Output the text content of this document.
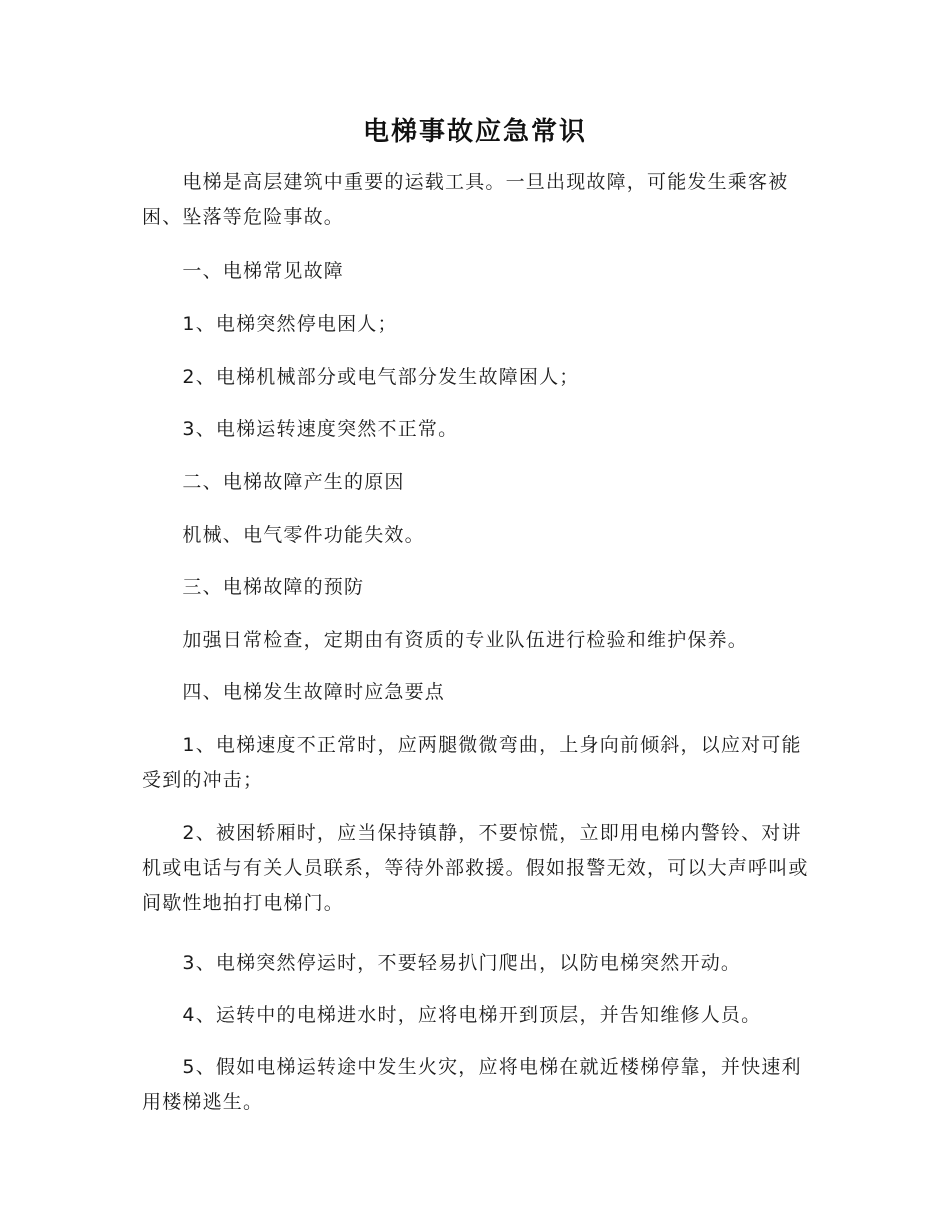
电梯事故应急常识

　　电梯是高层建筑中重要的运载工具。一旦出现故障，可能发生乘客被困、坠落等危险事故。

　　一、电梯常见故障

　　1、电梯突然停电困人；

　　2、电梯机械部分或电气部分发生故障困人；

　　3、电梯运转速度突然不正常。

　　二、电梯故障产生的原因

　　机械、电气零件功能失效。

　　三、电梯故障的预防

　　加强日常检查，定期由有资质的专业队伍进行检验和维护保养。

　　四、电梯发生故障时应急要点

　　1、电梯速度不正常时，应两腿微微弯曲，上身向前倾斜，以应对可能受到的冲击；

　　2、被困轿厢时，应当保持镇静，不要惊慌，立即用电梯内警铃、对讲机或电话与有关人员联系，等待外部救援。假如报警无效，可以大声呼叫或间歇性地拍打电梯门。

　　3、电梯突然停运时，不要轻易扒门爬出，以防电梯突然开动。

　　4、运转中的电梯进水时，应将电梯开到顶层，并告知维修人员。

　　5、假如电梯运转途中发生火灾，应将电梯在就近楼梯停靠，并快速利用楼梯逃生。
